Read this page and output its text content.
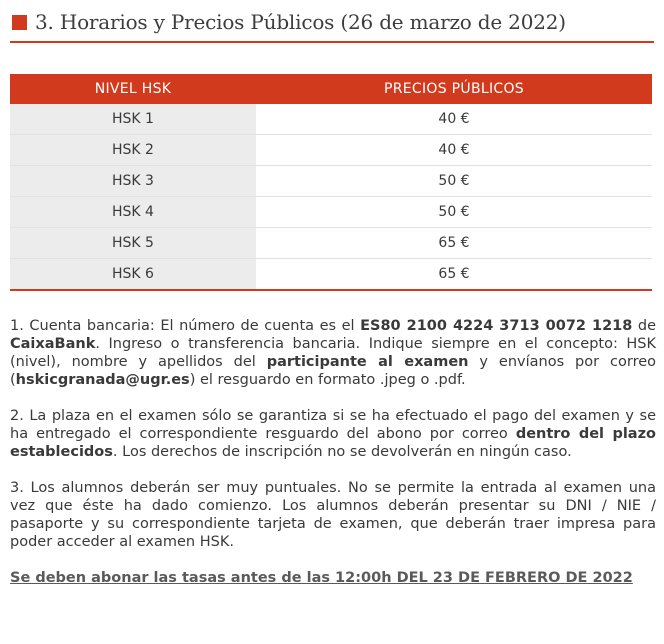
3. Horarios y Precios Públicos (26 de marzo de 2022)
NIVEL HSK	PRECIOS PÚBLICOS
HSK 1	40 €
HSK 2	40 €
HSK 3	50 €
HSK 4	50 €
HSK 5	65 €
HSK 6	65 €

1. Cuenta bancaria: El número de cuenta es el ES80 2100 4224 3713 0072 1218 de CaixaBank. Ingreso o transferencia bancaria. Indique siempre en el concepto: HSK (nivel), nombre y apellidos del participante al examen y envíanos por correo (hskicgranada@ugr.es) el resguardo en formato .jpeg o .pdf.

2. La plaza en el examen sólo se garantiza si se ha efectuado el pago del examen y se ha entregado el correspondiente resguardo del abono por correo dentro del plazo establecidos. Los derechos de inscripción no se devolverán en ningún caso.

3. Los alumnos deberán ser muy puntuales. No se permite la entrada al examen una vez que éste ha dado comienzo. Los alumnos deberán presentar su DNI / NIE / pasaporte y su correspondiente tarjeta de examen, que deberán traer impresa para poder acceder al examen HSK.

Se deben abonar las tasas antes de las 12:00h DEL 23 DE FEBRERO DE 2022
